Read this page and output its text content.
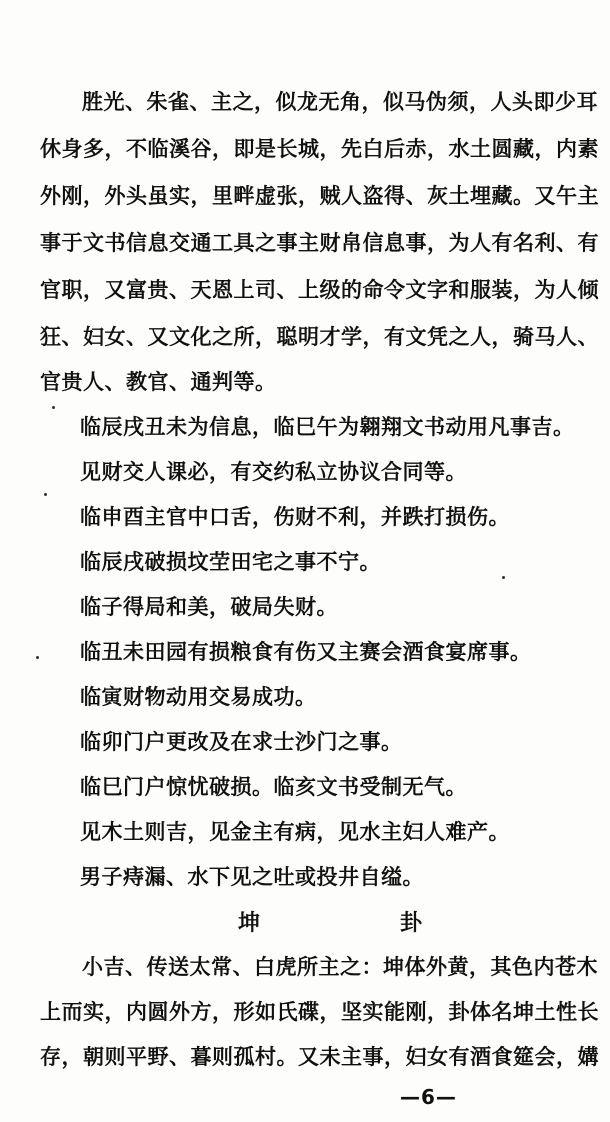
胜光、朱雀、主之，似龙无角，似马伪须，人头即少耳
休身多，不临溪谷，即是长城，先白后赤，水土圆藏，内素
外刚，外头虽实，里畔虚张，贼人盗得、灰土埋藏。又午主
事于文书信息交通工具之事主财帛信息事，为人有名利、有
官职，又富贵、天恩上司、上级的命令文字和服装，为人倾
狂、妇女、又文化之所，聪明才学，有文凭之人，骑马人、
官贵人、教官、通判等。
临辰戌丑未为信息，临巳午为翱翔文书动用凡事吉。
见财交人课必，有交约私立协议合同等。
临申酉主官中口舌，伤财不利，并跌打损伤。
临辰戌破损坟茔田宅之事不宁。
临子得局和美，破局失财。
临丑未田园有损粮食有伤又主赛会酒食宴席事。
临寅财物动用交易成功。
临卯门户更改及在求士沙门之事。
临巳门户惊忧破损。临亥文书受制无气。
见木土则吉，见金主有病，见水主妇人难产。
男子痔漏、水下见之吐或投井自缢。
坤	卦
小吉、传送太常、白虎所主之：坤体外黄，其色内苍木
上而实，内圆外方，形如氏碟，坚实能刚，卦体名坤土性长
存，朝则平野、暮则孤村。又未主事，妇女有酒食筵会，媾
—6—
